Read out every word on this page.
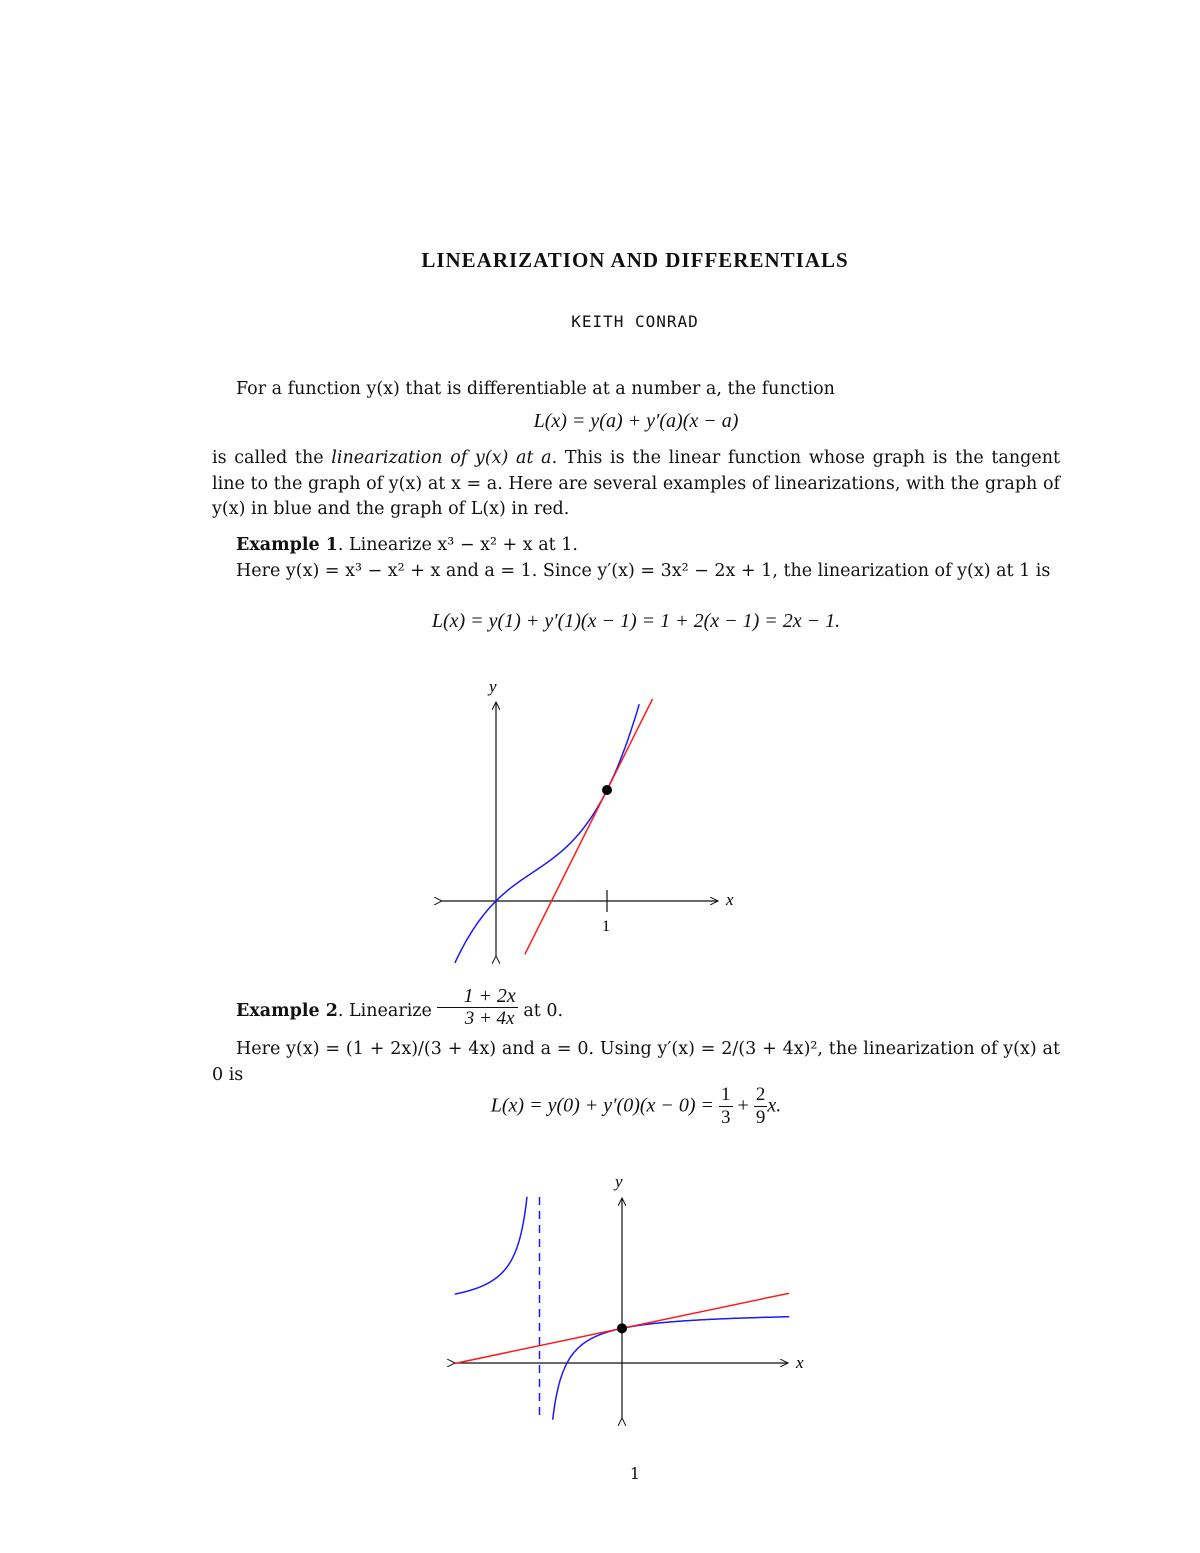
LINEARIZATION AND DIFFERENTIALS
KEITH CONRAD
For a function y(x) that is differentiable at a number a, the function
L(x) = y(a) + y′(a)(x − a)
is called the linearization of y(x) at a. This is the linear function whose graph is the tangent line to the graph of y(x) at x = a. Here are several examples of linearizations, with the graph of y(x) in blue and the graph of L(x) in red.
Example 1. Linearize x³ − x² + x at 1.
Here y(x) = x³ − x² + x and a = 1. Since y′(x) = 3x² − 2x + 1, the linearization of y(x) at 1 is
L(x) = y(1) + y′(1)(x − 1) = 1 + 2(x − 1) = 2x − 1.
1
x
y
Example 2. Linearize $\frac{1 + 2x}{3 + 4x}$ at 0.
Here y(x) = (1 + 2x)/(3 + 4x) and a = 0. Using y′(x) = 2/(3 + 4x)², the linearization of y(x) at 0 is
$L(x) = y(0) + y'(0)(x - 0) = \frac{1}{3} + \frac{2}{9} x$.
x
y
1
